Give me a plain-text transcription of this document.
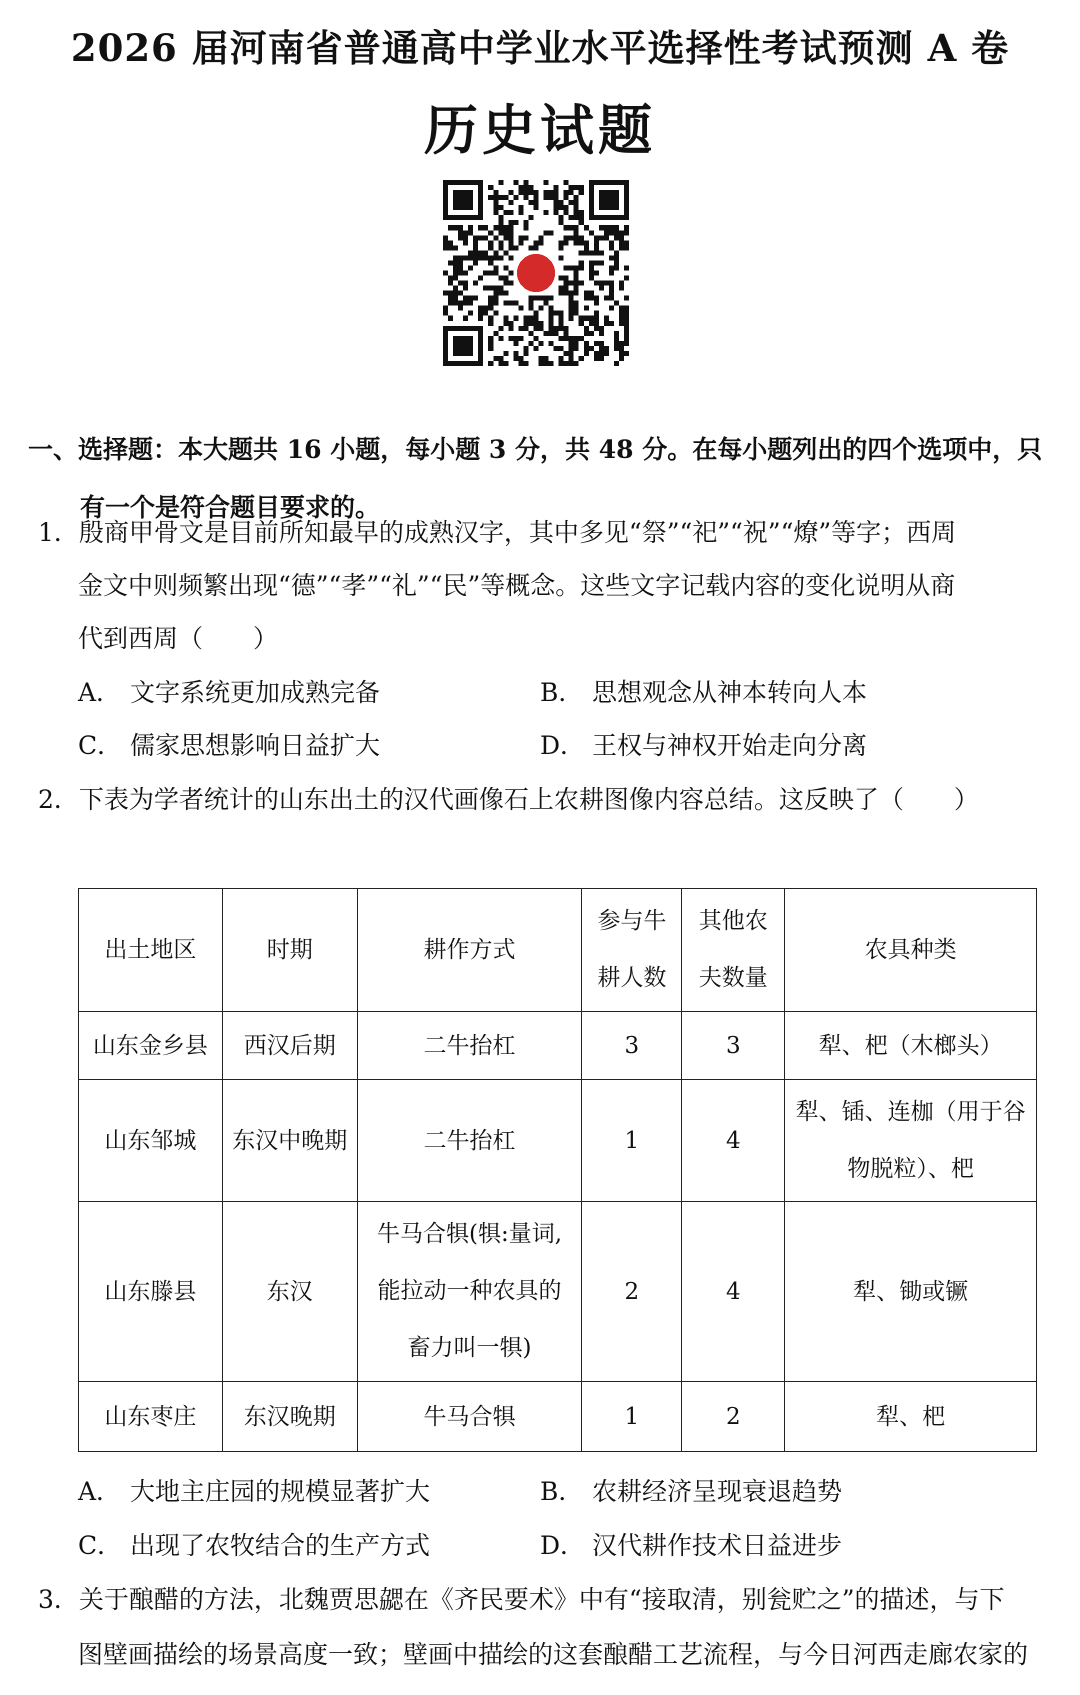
2026 届河南省普通高中学业水平选择性考试预测 A 卷
历史试题
一、选择题：本大题共 16 小题，每小题 3 分，共 48 分。在每小题列出的四个选项中，只
有一个是符合题目要求的。
1．殷商甲骨文是目前所知最早的成熟汉字，其中多见“祭”“祀”“祝”“燎”等字；西周
金文中则频繁出现“德”“孝”“礼”“民”等概念。这些文字记载内容的变化说明从商
代到西周（　　）
A． 文字系统更加成熟完备	B． 思想观念从神本转向人本
C． 儒家思想影响日益扩大	D． 王权与神权开始走向分离
2．下表为学者统计的山东出土的汉代画像石上农耕图像内容总结。这反映了（　　）
出土地区	时期	耕作方式	参与牛
耕人数	其他农
夫数量	农具种类
山东金乡县	西汉后期	二牛抬杠	3	3	犁、杷（木榔头）
山东邹城	东汉中晚期	二牛抬杠	1	4	犁、锸、连枷（用于谷
物脱粒）、杷
山东滕县	东汉	牛马合犋(犋:量词,
能拉动一种农具的
畜力叫一犋)	2	4	犁、锄或镢
山东枣庄	东汉晚期	牛马合犋	1	2	犁、杷
A． 大地主庄园的规模显著扩大	B． 农耕经济呈现衰退趋势
C． 出现了农牧结合的生产方式	D． 汉代耕作技术日益进步
3．关于酿醋的方法，北魏贾思勰在《齐民要术》中有“接取清，别瓮贮之”的描述，与下
图壁画描绘的场景高度一致；壁画中描绘的这套酿醋工艺流程，与今日河西走廊农家的
